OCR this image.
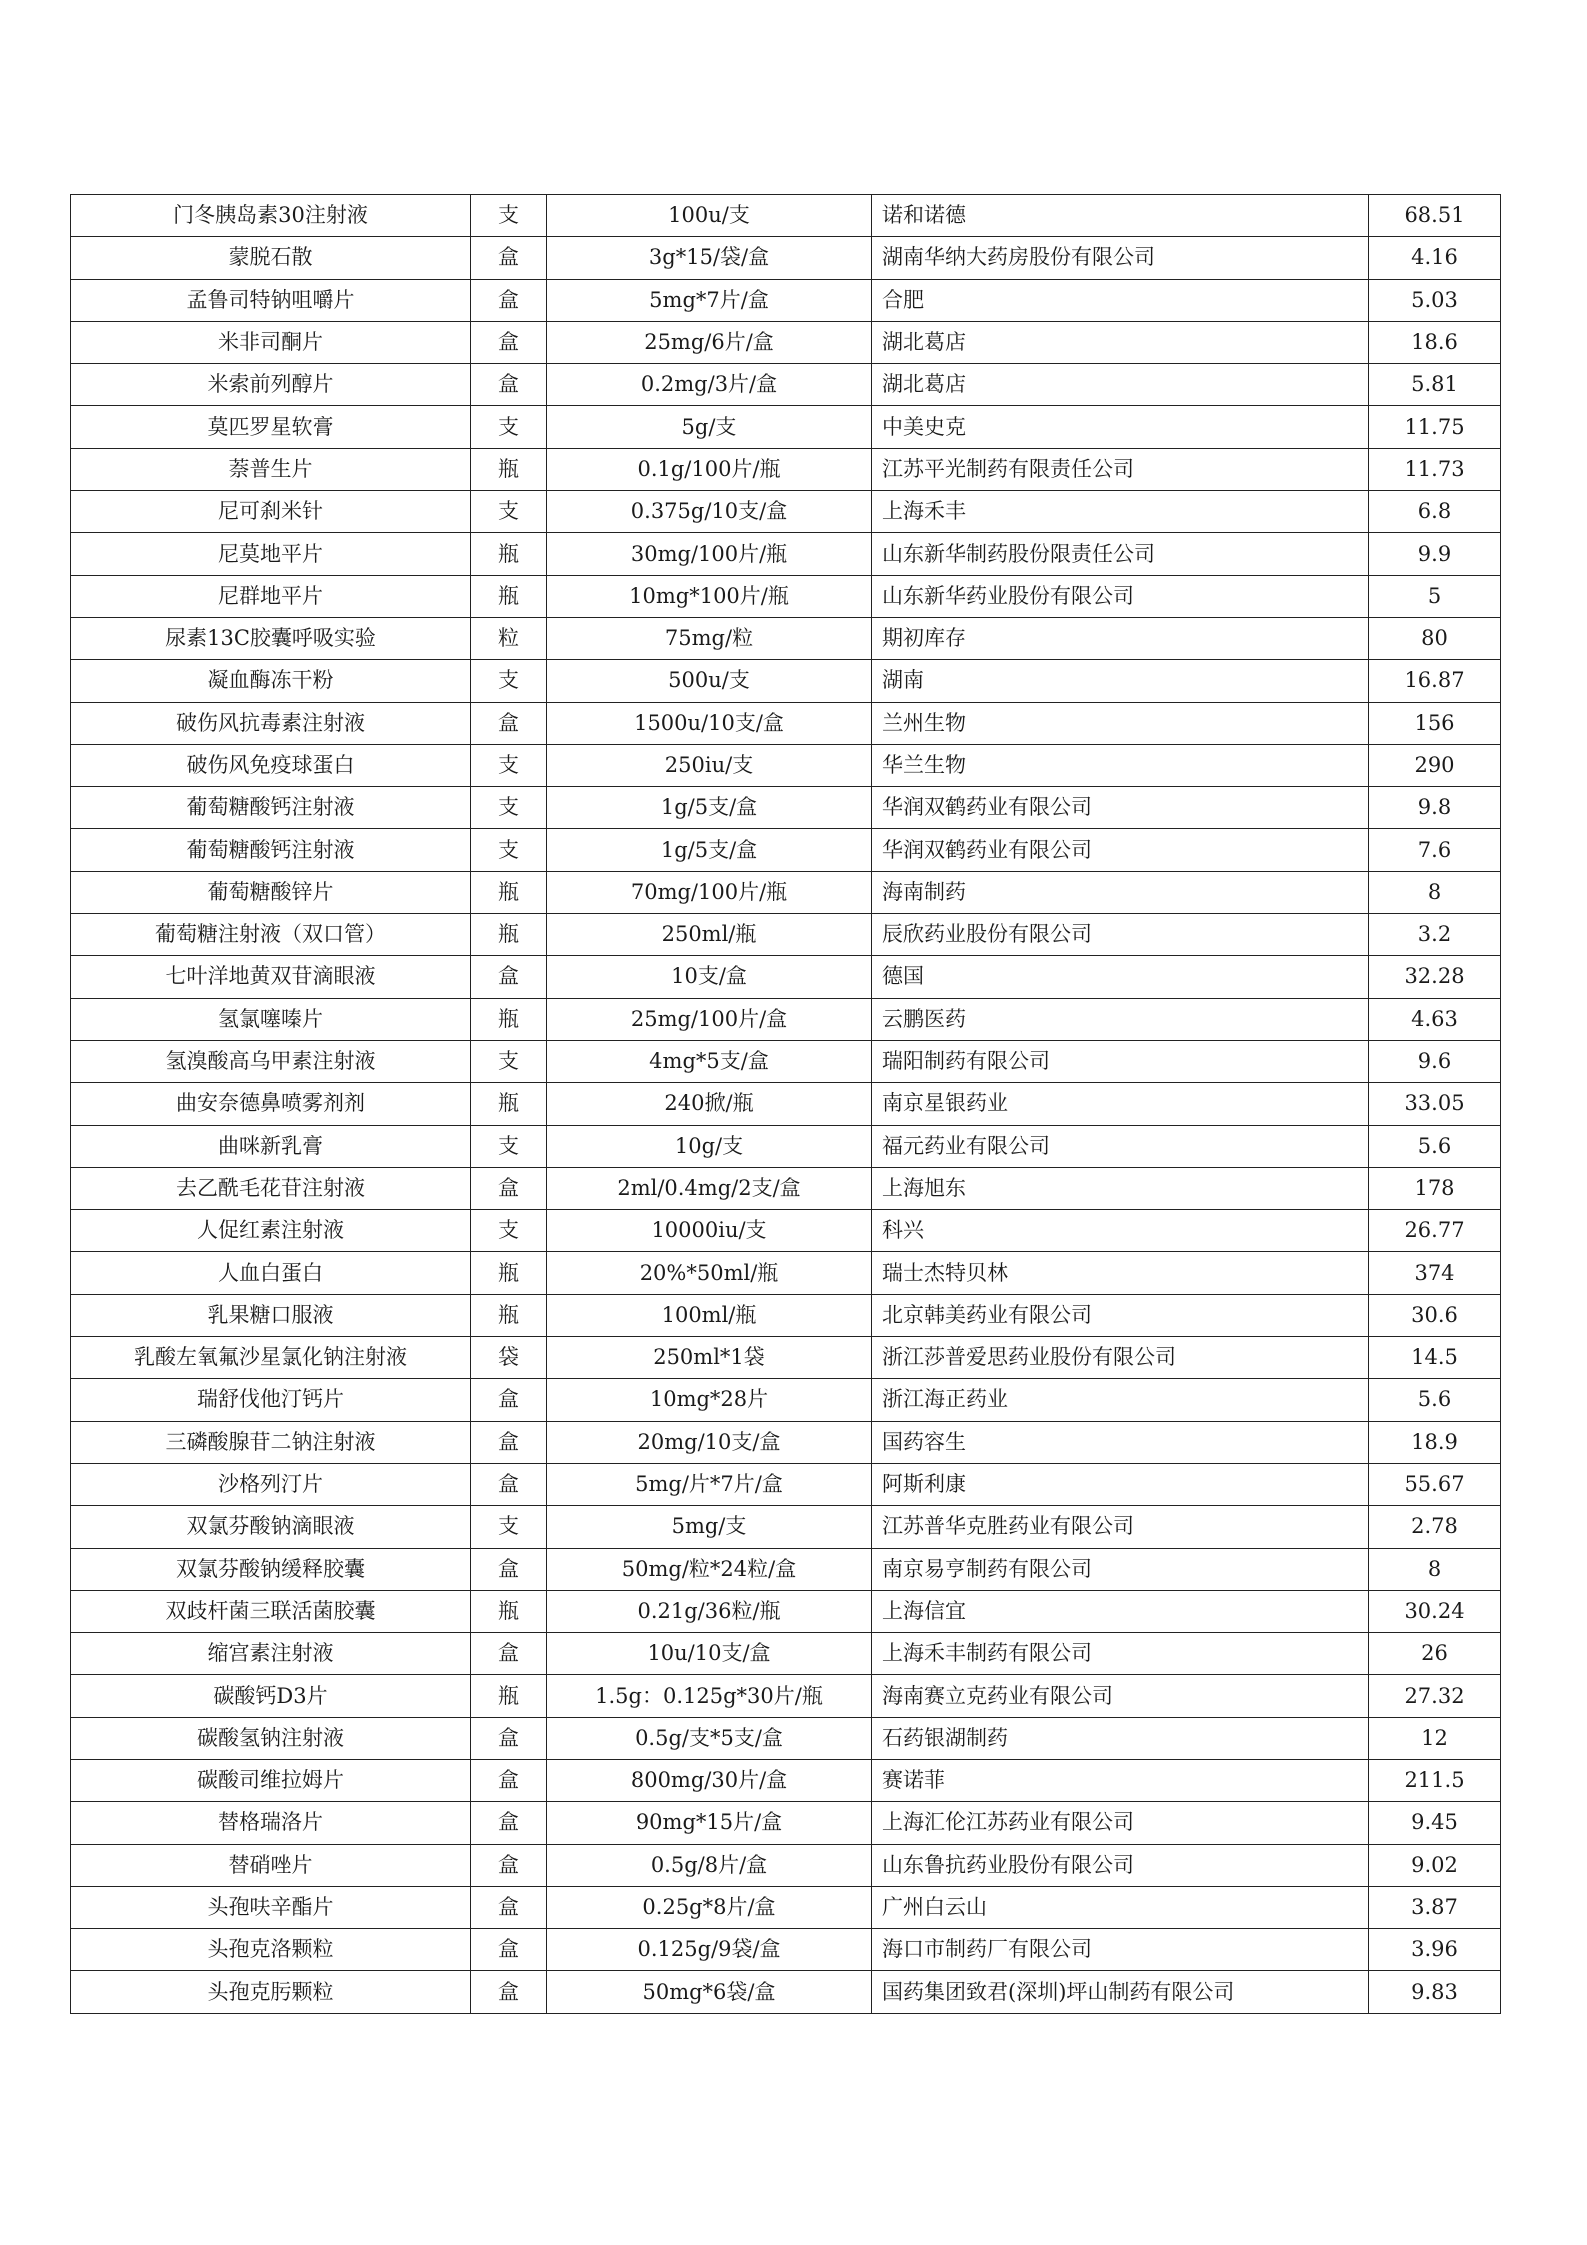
门冬胰岛素30注射液	支	100u/支	诺和诺德	68.51
蒙脱石散	盒	3g*15/袋/盒	湖南华纳大药房股份有限公司	4.16
孟鲁司特钠咀嚼片	盒	5mg*7片/盒	合肥	5.03
米非司酮片	盒	25mg/6片/盒	湖北葛店	18.6
米索前列醇片	盒	0.2mg/3片/盒	湖北葛店	5.81
莫匹罗星软膏	支	5g/支	中美史克	11.75
萘普生片	瓶	0.1g/100片/瓶	江苏平光制药有限责任公司	11.73
尼可刹米针	支	0.375g/10支/盒	上海禾丰	6.8
尼莫地平片	瓶	30mg/100片/瓶	山东新华制药股份限责任公司	9.9
尼群地平片	瓶	10mg*100片/瓶	山东新华药业股份有限公司	5
尿素13C胶囊呼吸实验	粒	75mg/粒	期初库存	80
凝血酶冻干粉	支	500u/支	湖南	16.87
破伤风抗毒素注射液	盒	1500u/10支/盒	兰州生物	156
破伤风免疫球蛋白	支	250iu/支	华兰生物	290
葡萄糖酸钙注射液	支	1g/5支/盒	华润双鹤药业有限公司	9.8
葡萄糖酸钙注射液	支	1g/5支/盒	华润双鹤药业有限公司	7.6
葡萄糖酸锌片	瓶	70mg/100片/瓶	海南制药	8
葡萄糖注射液（双口管）	瓶	250ml/瓶	辰欣药业股份有限公司	3.2
七叶洋地黄双苷滴眼液	盒	10支/盒	德国	32.28
氢氯噻嗪片	瓶	25mg/100片/盒	云鹏医药	4.63
氢溴酸高乌甲素注射液	支	4mg*5支/盒	瑞阳制药有限公司	9.6
曲安奈德鼻喷雾剂剂	瓶	240掀/瓶	南京星银药业	33.05
曲咪新乳膏	支	10g/支	福元药业有限公司	5.6
去乙酰毛花苷注射液	盒	2ml/0.4mg/2支/盒	上海旭东	178
人促红素注射液	支	10000iu/支	科兴	26.77
人血白蛋白	瓶	20%*50ml/瓶	瑞士杰特贝林	374
乳果糖口服液	瓶	100ml/瓶	北京韩美药业有限公司	30.6
乳酸左氧氟沙星氯化钠注射液	袋	250ml*1袋	浙江莎普爱思药业股份有限公司	14.5
瑞舒伐他汀钙片	盒	10mg*28片	浙江海正药业	5.6
三磷酸腺苷二钠注射液	盒	20mg/10支/盒	国药容生	18.9
沙格列汀片	盒	5mg/片*7片/盒	阿斯利康	55.67
双氯芬酸钠滴眼液	支	5mg/支	江苏普华克胜药业有限公司	2.78
双氯芬酸钠缓释胶囊	盒	50mg/粒*24粒/盒	南京易亨制药有限公司	8
双歧杆菌三联活菌胶囊	瓶	0.21g/36粒/瓶	上海信宜	30.24
缩宫素注射液	盒	10u/10支/盒	上海禾丰制药有限公司	26
碳酸钙D3片	瓶	1.5g：0.125g*30片/瓶	海南赛立克药业有限公司	27.32
碳酸氢钠注射液	盒	0.5g/支*5支/盒	石药银湖制药	12
碳酸司维拉姆片	盒	800mg/30片/盒	赛诺菲	211.5
替格瑞洛片	盒	90mg*15片/盒	上海汇伦江苏药业有限公司	9.45
替硝唑片	盒	0.5g/8片/盒	山东鲁抗药业股份有限公司	9.02
头孢呋辛酯片	盒	0.25g*8片/盒	广州白云山	3.87
头孢克洛颗粒	盒	0.125g/9袋/盒	海口市制药厂有限公司	3.96
头孢克肟颗粒	盒	50mg*6袋/盒	国药集团致君(深圳)坪山制药有限公司	9.83
